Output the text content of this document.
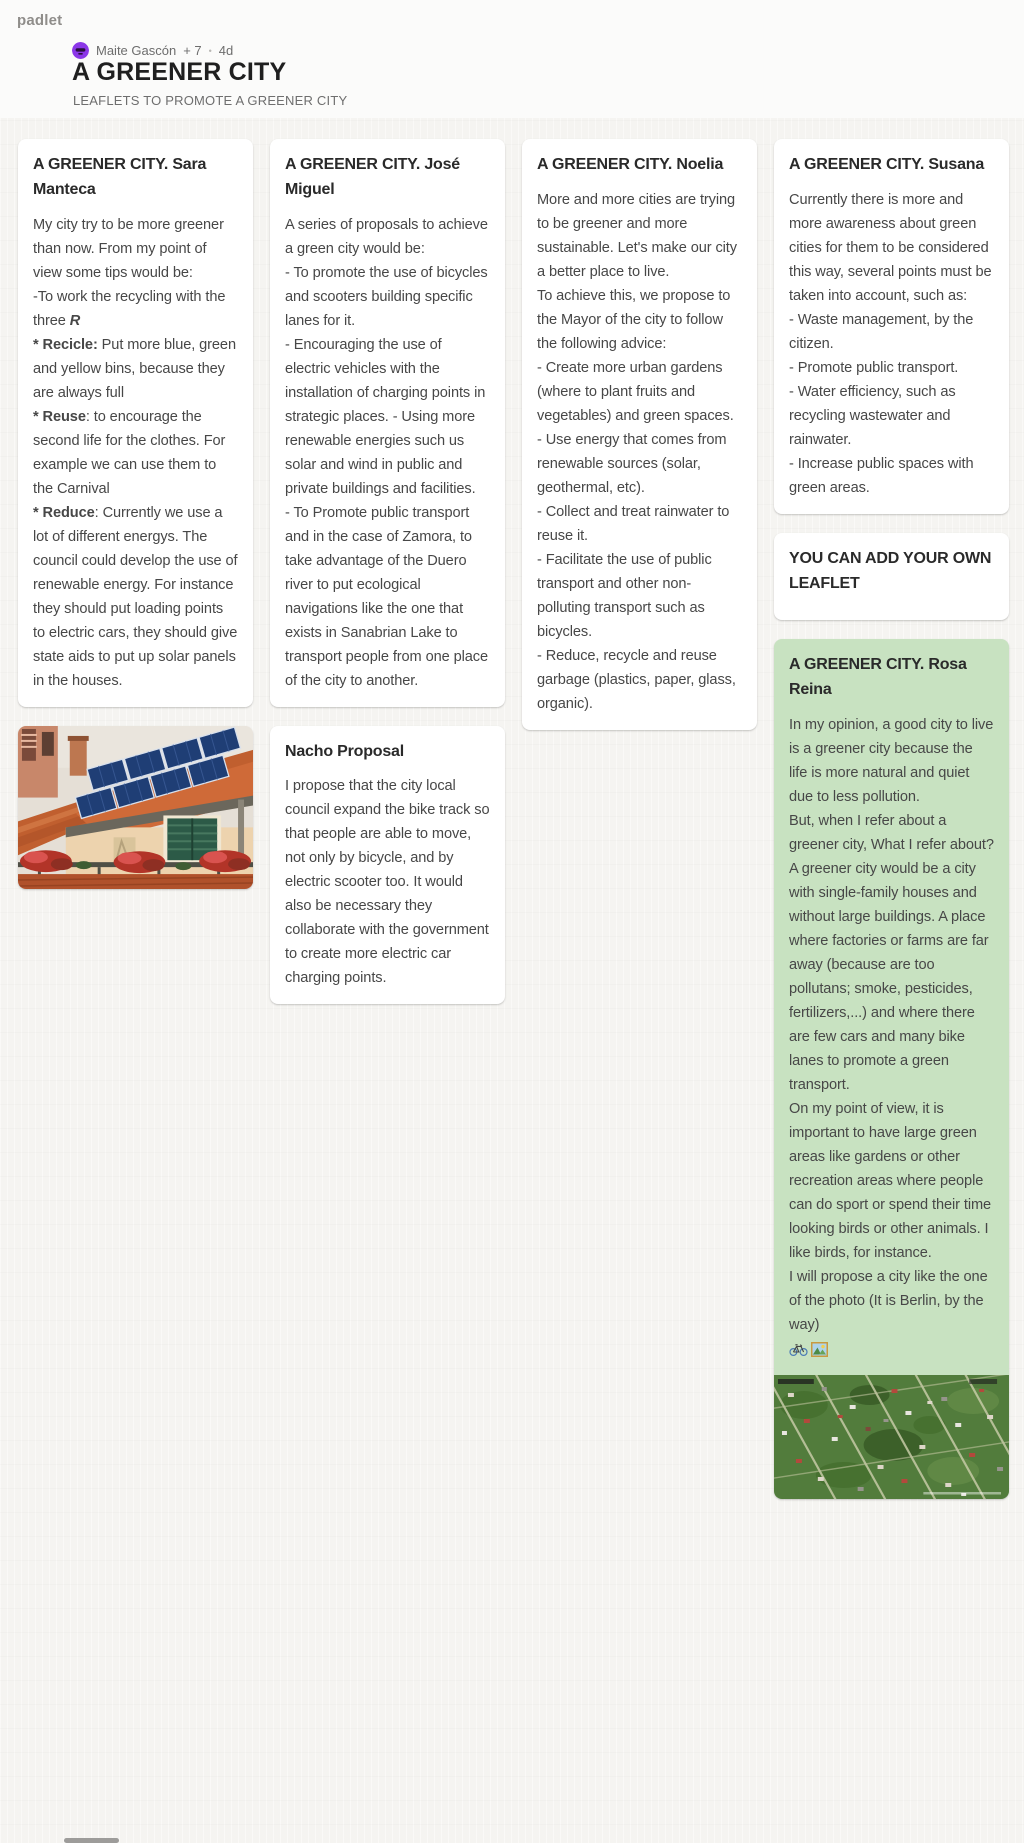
padlet
Maite Gascón + 7 • 4d
A GREENER CITY
LEAFLETS TO PROMOTE A GREENER CITY
A GREENER CITY. Sara Manteca

My city try to be more greener than now. From my point of view some tips would be:

-To work the recycling with the three R

* Recicle: Put more blue, green and yellow bins, because they are always full

* Reuse: to encourage the second life for the clothes. For example we can use them to the Carnival

* Reduce: Currently we use a lot of different energys. The council could develop the use of renewable energy. For instance they should put loading points to electric cars, they should give state aids to put up solar panels in the houses.

A GREENER CITY. José Miguel

A series of proposals to achieve a green city would be:

- To promote the use of bicycles and scooters building specific lanes for it.

- Encouraging the use of electric vehicles with the installation of charging points in strategic places. - Using more renewable energies such us solar and wind in public and private buildings and facilities.

- To Promote public transport and in the case of Zamora, to take advantage of the Duero river to put ecological navigations like the one that exists in Sanabrian Lake to transport people from one place of the city to another.

Nacho Proposal

I propose that the city local council expand the bike track so that people are able to move, not only by bicycle, and by electric scooter too. It would also be necessary they collaborate with the government to create more electric car charging points.

A GREENER CITY. Noelia

More and more cities are trying to be greener and more sustainable. Let's make our city a better place to live.

To achieve this, we propose to the Mayor of the city to follow the following advice:

- Create more urban gardens (where to plant fruits and vegetables) and green spaces.

- Use energy that comes from renewable sources (solar, geothermal, etc).

- Collect and treat rainwater to reuse it.

- Facilitate the use of public transport and other non-polluting transport such as bicycles.

- Reduce, recycle and reuse garbage (plastics, paper, glass, organic).

A GREENER CITY. Susana

Currently there is more and more awareness about green cities for them to be considered this way, several points must be taken into account, such as:

- Waste management, by the citizen.

- Promote public transport.

- Water efficiency, such as recycling wastewater and rainwater.

- Increase public spaces with green areas.

YOU CAN ADD YOUR OWN LEAFLET
A GREENER CITY. Rosa Reina

In my opinion, a good city to live is a greener city because the life is more natural and quiet due to less pollution.

But, when I refer about a greener city, What I refer about?

A greener city would be a city with single-family houses and without large buildings. A place where factories or farms are far away (because are too pollutans; smoke, pesticides, fertilizers,...) and where there are few cars and many bike lanes to promote a green transport.

On my point of view, it is important to have large green areas like gardens or other recreation areas where people can do sport or spend their time looking birds or other animals. I like birds, for instance.

I will propose a city like the one of the photo (It is Berlin, by the way)
